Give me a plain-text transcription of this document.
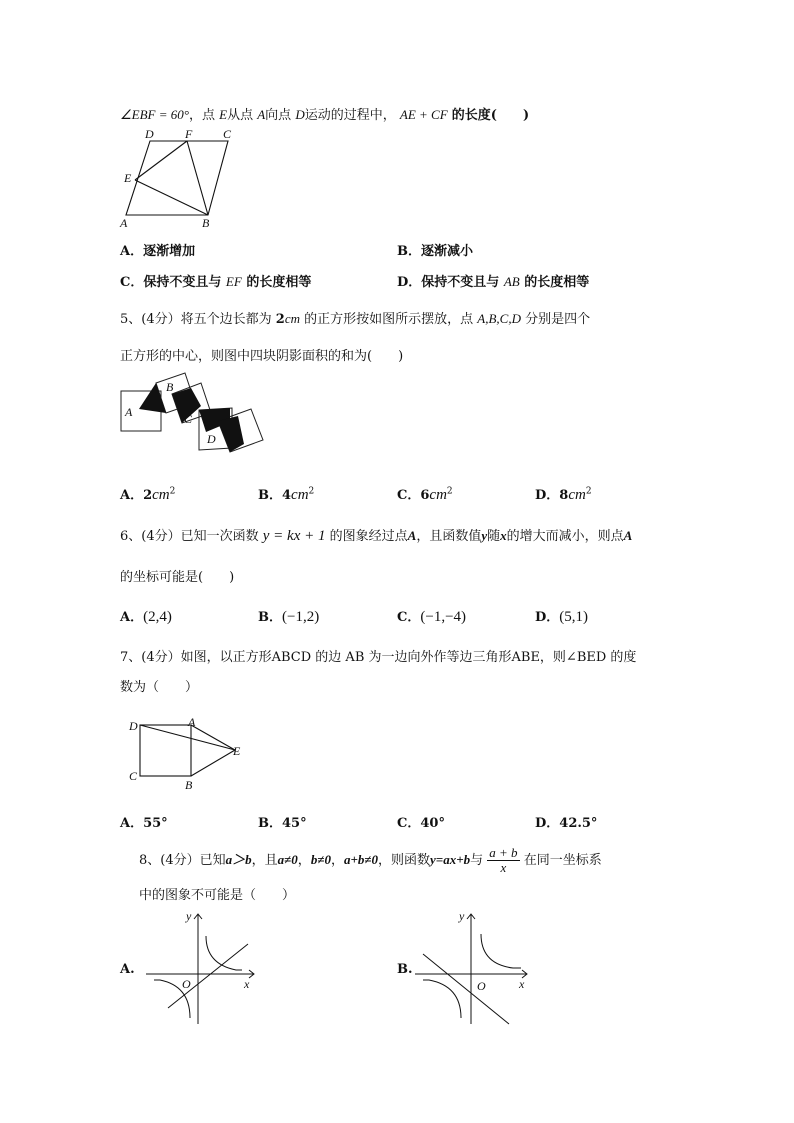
∠EBF = 60°，点 E从点 A向点 D运动的过程中， AE + CF 的长度(　　)
D	F	C
E
A	B
A．逐渐增加	B．逐渐减小
C．保持不变且与 EF 的长度相等	D．保持不变且与 AB 的长度相等
5、(4分）将五个边长都为 2cm 的正方形按如图所示摆放，点 A,B,C,D 分别是四个
正方形的中心，则图中四块阴影面积的和为(　　)
A
B
C
D
A．$2cm^2$	B．$4cm^2$	C．$6cm^2$	D．$8cm^2$
6、(4分）已知一次函数 y = kx + 1 的图象经过点A，且函数值y随x的增大而减小，则点A
的坐标可能是(　　)
A．(2,4)	B．(−1,2)	C．(−1,−4)	D．(5,1)
7、(4分）如图，以正方形ABCD 的边 AB 为一边向外作等边三角形ABE，则∠BED 的度
数为（　　）
D	A
E
C
B
A．55°	B．45°	C．40°	D．42.5°
8、(4分）已知a＞b，且a≠0，b≠0，a+b≠0，则函数y=ax+b与 $\frac{a + b}{x}$ 在同一坐标系
中的图象不可能是（　　）
A.
y
x
O
B.
y
x
O
